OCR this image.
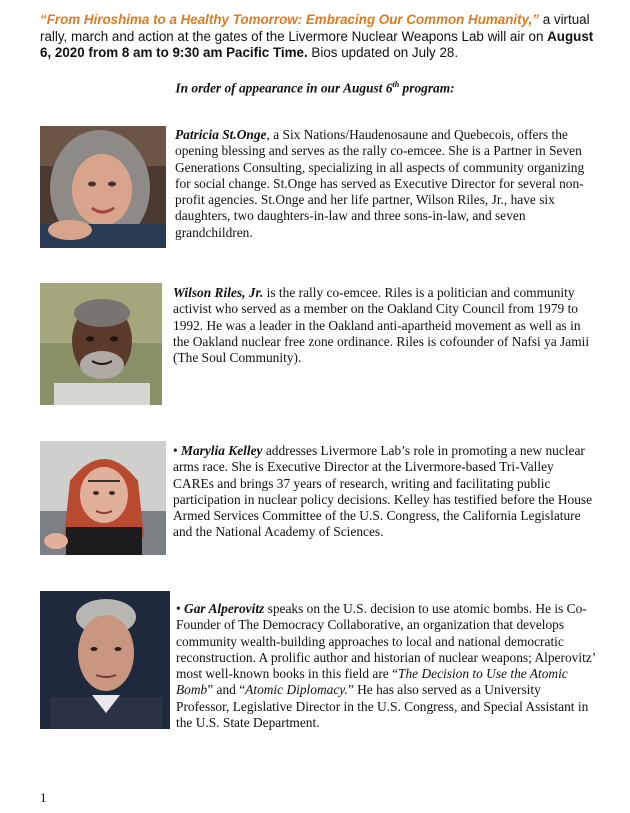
“From Hiroshima to a Healthy Tomorrow: Embracing Our Common Humanity,” a virtual rally, march and action at the gates of the Livermore Nuclear Weapons Lab will air on August 6, 2020 from 8 am to 9:30 am Pacific Time. Bios updated on July 28.
In order of appearance in our August 6th program:
Patricia St.Onge, a Six Nations/Haudenosaune and Quebecois, offers the opening blessing and serves as the rally co-emcee. She is a Partner in Seven Generations Consulting, specializing in all aspects of community organizing for social change. St.Onge has served as Executive Director for several non-profit agencies. St.Onge and her life partner, Wilson Riles, Jr., have six daughters, two daughters-in-law and three sons-in-law, and seven grandchildren.
Wilson Riles, Jr. is the rally co-emcee. Riles is a politician and community activist who served as a member on the Oakland City Council from 1979 to 1992. He was a leader in the Oakland anti-apartheid movement as well as in the Oakland nuclear free zone ordinance. Riles is cofounder of Nafsi ya Jamii (The Soul Community).
• Marylia Kelley addresses Livermore Lab’s role in promoting a new nuclear arms race. She is Executive Director at the Livermore-based Tri-Valley CAREs and brings 37 years of research, writing and facilitating public participation in nuclear policy decisions. Kelley has testified before the House Armed Services Committee of the U.S. Congress, the California Legislature and the National Academy of Sciences.
• Gar Alperovitz speaks on the U.S. decision to use atomic bombs. He is Co-Founder of The Democracy Collaborative, an organization that develops community wealth-building approaches to local and national democratic reconstruction. A prolific author and historian of nuclear weapons; Alperovitz’ most well-known books in this field are “The Decision to Use the Atomic Bomb” and “Atomic Diplomacy.” He has also served as a University Professor, Legislative Director in the U.S. Congress, and Special Assistant in the U.S. State Department.
1
